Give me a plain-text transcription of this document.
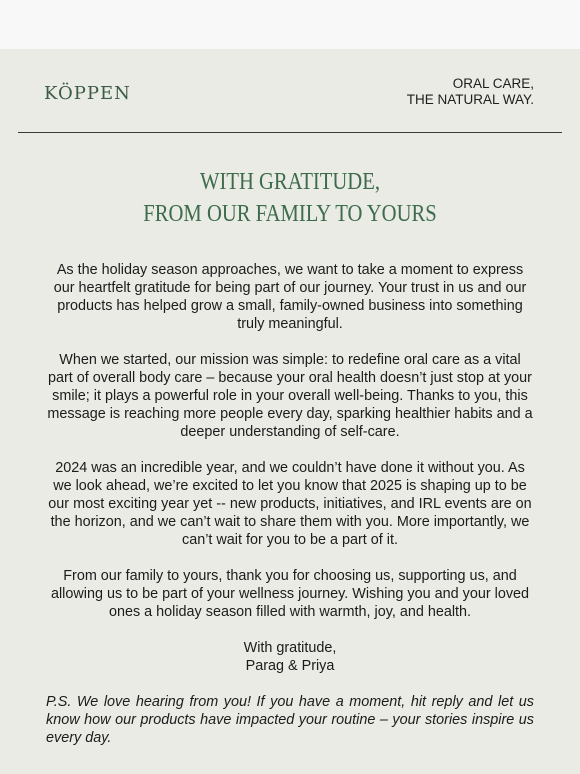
KÖPPEN	ORAL CARE,
THE NATURAL WAY.
WITH GRATITUDE,
FROM OUR FAMILY TO YOURS

As the holiday season approaches, we want to take a moment to express our heartfelt gratitude for being part of our journey. Your trust in us and our products has helped grow a small, family-owned business into something truly meaningful.

When we started, our mission was simple: to redefine oral care as a vital part of overall body care – because your oral health doesn’t just stop at your smile; it plays a powerful role in your overall well-being. Thanks to you, this message is reaching more people every day, sparking healthier habits and a deeper understanding of self-care.

2024 was an incredible year, and we couldn’t have done it without you. As we look ahead, we’re excited to let you know that 2025 is shaping up to be our most exciting year yet -- new products, initiatives, and IRL events are on the horizon, and we can’t wait to share them with you. More importantly, we can’t wait for you to be a part of it.

From our family to yours, thank you for choosing us, supporting us, and allowing us to be part of your wellness journey. Wishing you and your loved ones a holiday season filled with warmth, joy, and health.

With gratitude,
Parag & Priya

P.S. We love hearing from you! If you have a moment, hit reply and let us know how our products have impacted your routine – your stories inspire us every day.
